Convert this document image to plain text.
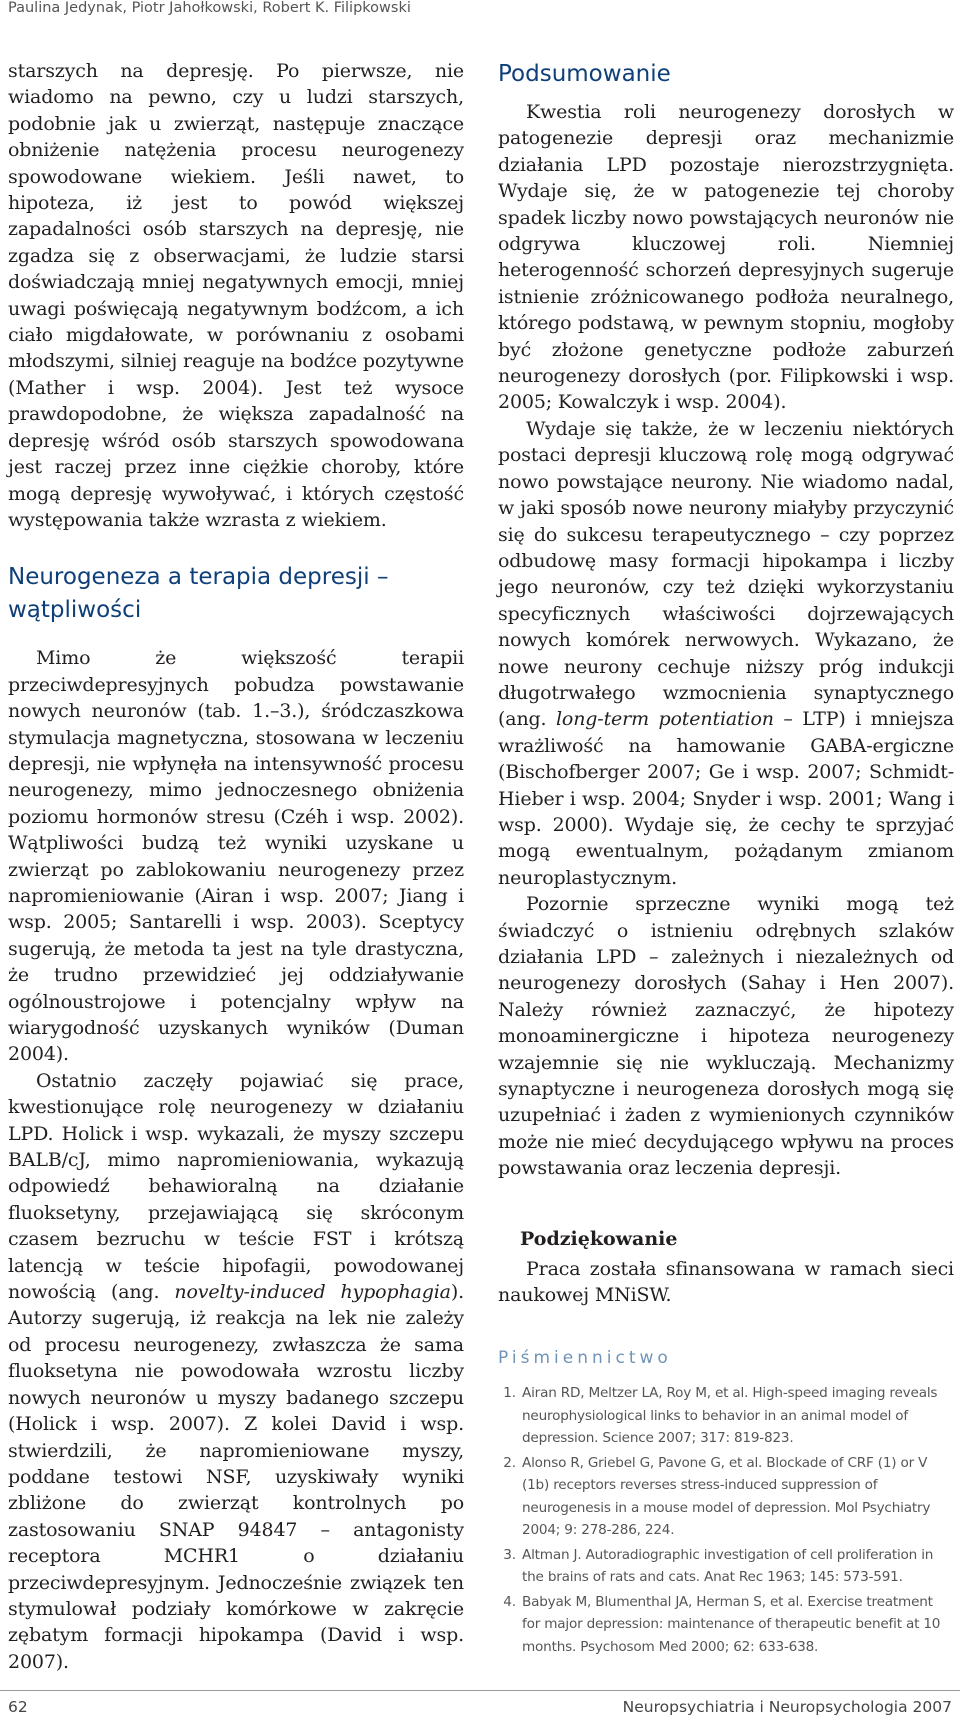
Paulina Jedynak, Piotr Jahołkowski, Robert K. Filipkowski

starszych na depresję. Po pierwsze, nie wiadomo na pewno, czy u ludzi starszych, podobnie jak u zwierząt, następuje znaczące obniżenie natężenia procesu neurogenezy spowodowane wiekiem. Jeśli nawet, to hipoteza, iż jest to powód większej zapadalności osób starszych na depresję, nie zgadza się z obserwacjami, że ludzie starsi doświadczają mniej negatywnych emocji, mniej uwagi poświęcają negatywnym bodźcom, a ich ciało migdałowate, w porównaniu z osobami młodszymi, silniej reaguje na bodźce pozytywne (Mather i wsp. 2004). Jest też wysoce prawdopodobne, że większa zapadalność na depresję wśród osób starszych spowodowana jest raczej przez inne ciężkie choroby, które mogą depresję wywoływać, i których częstość występowania także wzrasta z wiekiem.

Neurogeneza a terapia depresji – wątpliwości

Mimo że większość terapii przeciwdepresyjnych pobudza powstawanie nowych neuronów (tab. 1.–3.), śródczaszkowa stymulacja magnetyczna, stosowana w leczeniu depresji, nie wpłynęła na intensywność procesu neurogenezy, mimo jednoczesnego obniżenia poziomu hormonów stresu (Czéh i wsp. 2002). Wątpliwości budzą też wyniki uzyskane u zwierząt po zablokowaniu neurogenezy przez napromieniowanie (Airan i wsp. 2007; Jiang i wsp. 2005; Santarelli i wsp. 2003). Sceptycy sugerują, że metoda ta jest na tyle drastyczna, że trudno przewidzieć jej oddziaływanie ogólnoustrojowe i potencjalny wpływ na wiarygodność uzyskanych wyników (Duman 2004).

Ostatnio zaczęły pojawiać się prace, kwestionujące rolę neurogenezy w działaniu LPD. Holick i wsp. wykazali, że myszy szczepu BALB/cJ, mimo napromieniowania, wykazują odpowiedź behawioralną na działanie fluoksetyny, przejawiającą się skróconym czasem bezruchu w teście FST i krótszą latencją w teście hipofagii, powodowanej nowością (ang. novelty-induced hypophagia). Autorzy sugerują, iż reakcja na lek nie zależy od procesu neurogenezy, zwłaszcza że sama fluoksetyna nie powodowała wzrostu liczby nowych neuronów u myszy badanego szczepu (Holick i wsp. 2007). Z kolei David i wsp. stwierdzili, że napromieniowane myszy, poddane testowi NSF, uzyskiwały wyniki zbliżone do zwierząt kontrolnych po zastosowaniu SNAP 94847 – antagonisty receptora MCHR1 o działaniu przeciwdepresyjnym. Jednocześnie związek ten stymulował podziały komórkowe w zakręcie zębatym formacji hipokampa (David i wsp. 2007).

Podsumowanie

Kwestia roli neurogenezy dorosłych w patogenezie depresji oraz mechanizmie działania LPD pozostaje nierozstrzygnięta. Wydaje się, że w patogenezie tej choroby spadek liczby nowo powstających neuronów nie odgrywa kluczowej roli. Niemniej heterogenność schorzeń depresyjnych sugeruje istnienie zróżnicowanego podłoża neuralnego, którego podstawą, w pewnym stopniu, mogłoby być złożone genetyczne podłoże zaburzeń neurogenezy dorosłych (por. Filipkowski i wsp. 2005; Kowalczyk i wsp. 2004).

Wydaje się także, że w leczeniu niektórych postaci depresji kluczową rolę mogą odgrywać nowo powstające neurony. Nie wiadomo nadal, w jaki sposób nowe neurony miałyby przyczynić się do sukcesu terapeutycznego – czy poprzez odbudowę masy formacji hipokampa i liczby jego neuronów, czy też dzięki wykorzystaniu specyficznych właściwości dojrzewających nowych komórek nerwowych. Wykazano, że nowe neurony cechuje niższy próg indukcji długotrwałego wzmocnienia synaptycznego (ang. long-term potentiation – LTP) i mniejsza wrażliwość na hamowanie GABA-ergiczne (Bischofberger 2007; Ge i wsp. 2007; Schmidt-Hieber i wsp. 2004; Snyder i wsp. 2001; Wang i wsp. 2000). Wydaje się, że cechy te sprzyjać mogą ewentualnym, pożądanym zmianom neuroplastycznym.

Pozornie sprzeczne wyniki mogą też świadczyć o istnieniu odrębnych szlaków działania LPD – zależnych i niezależnych od neurogenezy dorosłych (Sahay i Hen 2007). Należy również zaznaczyć, że hipotezy monoaminergiczne i hipoteza neurogenezy wzajemnie się nie wykluczają. Mechanizmy synaptyczne i neurogeneza dorosłych mogą się uzupełniać i żaden z wymienionych czynników może nie mieć decydującego wpływu na proces powstawania oraz leczenia depresji.

Podziękowanie

Praca została sfinansowana w ramach sieci naukowej MNiSW.

Piśmiennictwo
1. Airan RD, Meltzer LA, Roy M, et al. High-speed imaging reveals neurophysiological links to behavior in an animal model of depression. Science 2007; 317: 819-823.
2. Alonso R, Griebel G, Pavone G, et al. Blockade of CRF (1) or V (1b) receptors reverses stress-induced suppression of neurogenesis in a mouse model of depression. Mol Psychiatry 2004; 9: 278-286, 224.
3. Altman J. Autoradiographic investigation of cell proliferation in the brains of rats and cats. Anat Rec 1963; 145: 573-591.
4. Babyak M, Blumenthal JA, Herman S, et al. Exercise treatment for major depression: maintenance of therapeutic benefit at 10 months. Psychosom Med 2000; 62: 633-638.
62	Neuropsychiatria i Neuropsychologia 2007
